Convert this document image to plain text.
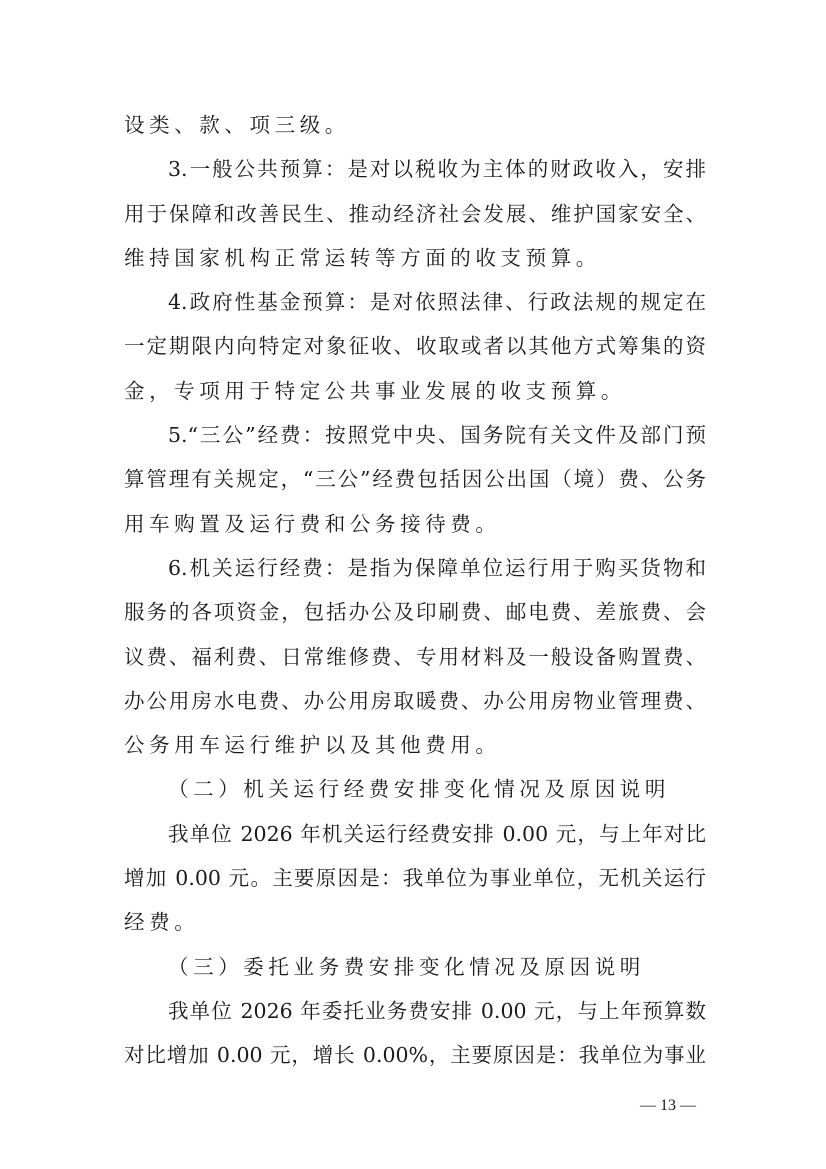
设类、款、项三级。
3.一般公共预算：是对以税收为主体的财政收入，安排
用于保障和改善民生、推动经济社会发展、维护国家安全、
维持国家机构正常运转等方面的收支预算。
4.政府性基金预算：是对依照法律、行政法规的规定在
一定期限内向特定对象征收、收取或者以其他方式筹集的资
金，专项用于特定公共事业发展的收支预算。
5.“三公”经费：按照党中央、国务院有关文件及部门预
算管理有关规定，“三公”经费包括因公出国（境）费、公务
用车购置及运行费和公务接待费。
6.机关运行经费：是指为保障单位运行用于购买货物和
服务的各项资金，包括办公及印刷费、邮电费、差旅费、会
议费、福利费、日常维修费、专用材料及一般设备购置费、
办公用房水电费、办公用房取暖费、办公用房物业管理费、
公务用车运行维护以及其他费用。
（二）机关运行经费安排变化情况及原因说明
我单位 2026 年机关运行经费安排 0.00 元，与上年对比
增加 0.00 元。主要原因是：我单位为事业单位，无机关运行
经费。
（三）委托业务费安排变化情况及原因说明
我单位 2026 年委托业务费安排 0.00 元，与上年预算数
对比增加 0.00 元，增长 0.00%，主要原因是：我单位为事业
— 13 —
